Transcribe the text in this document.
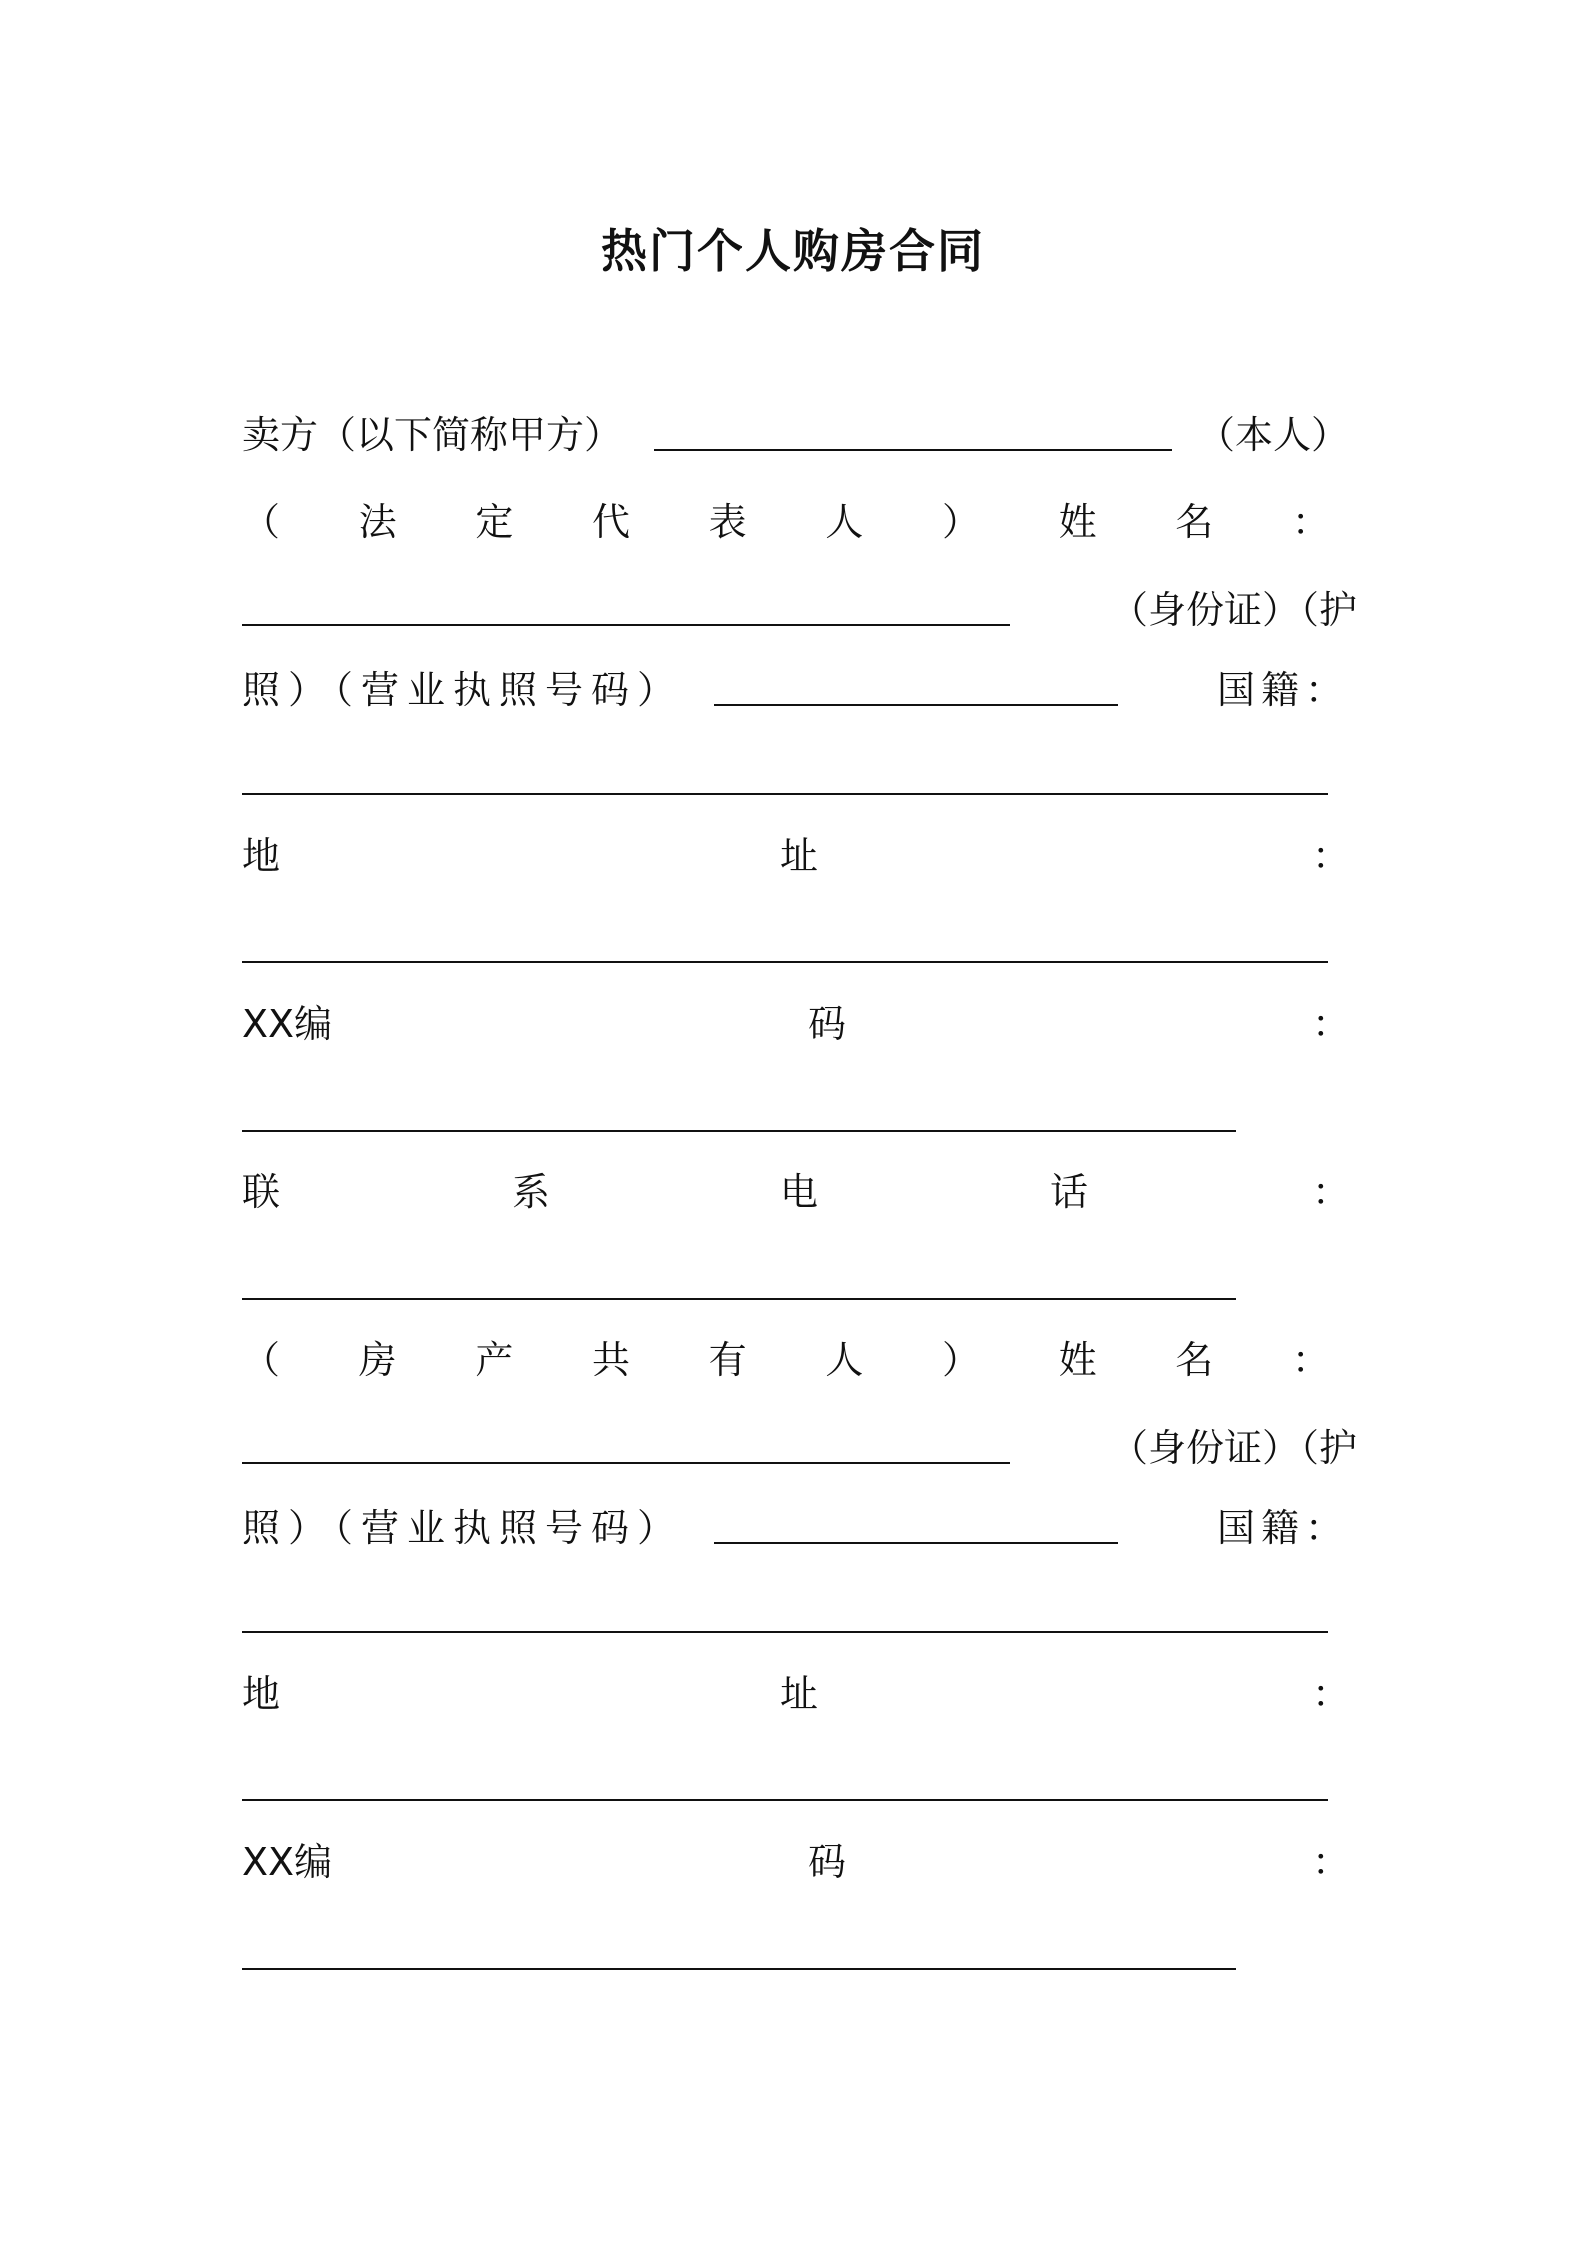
热门个人购房合同
卖方（以下简称甲方）	（本人）
（ 法 定 代 表 人 ） 姓 名 ：
（身份证）（护
照）（营业执照号码）	国籍：
地	址	：
XX编	码	：
联	系	电	话	：
（ 房 产 共 有 人 ） 姓 名 ：
（身份证）（护
照）（营业执照号码）	国籍：
地	址	：
XX编	码	：
